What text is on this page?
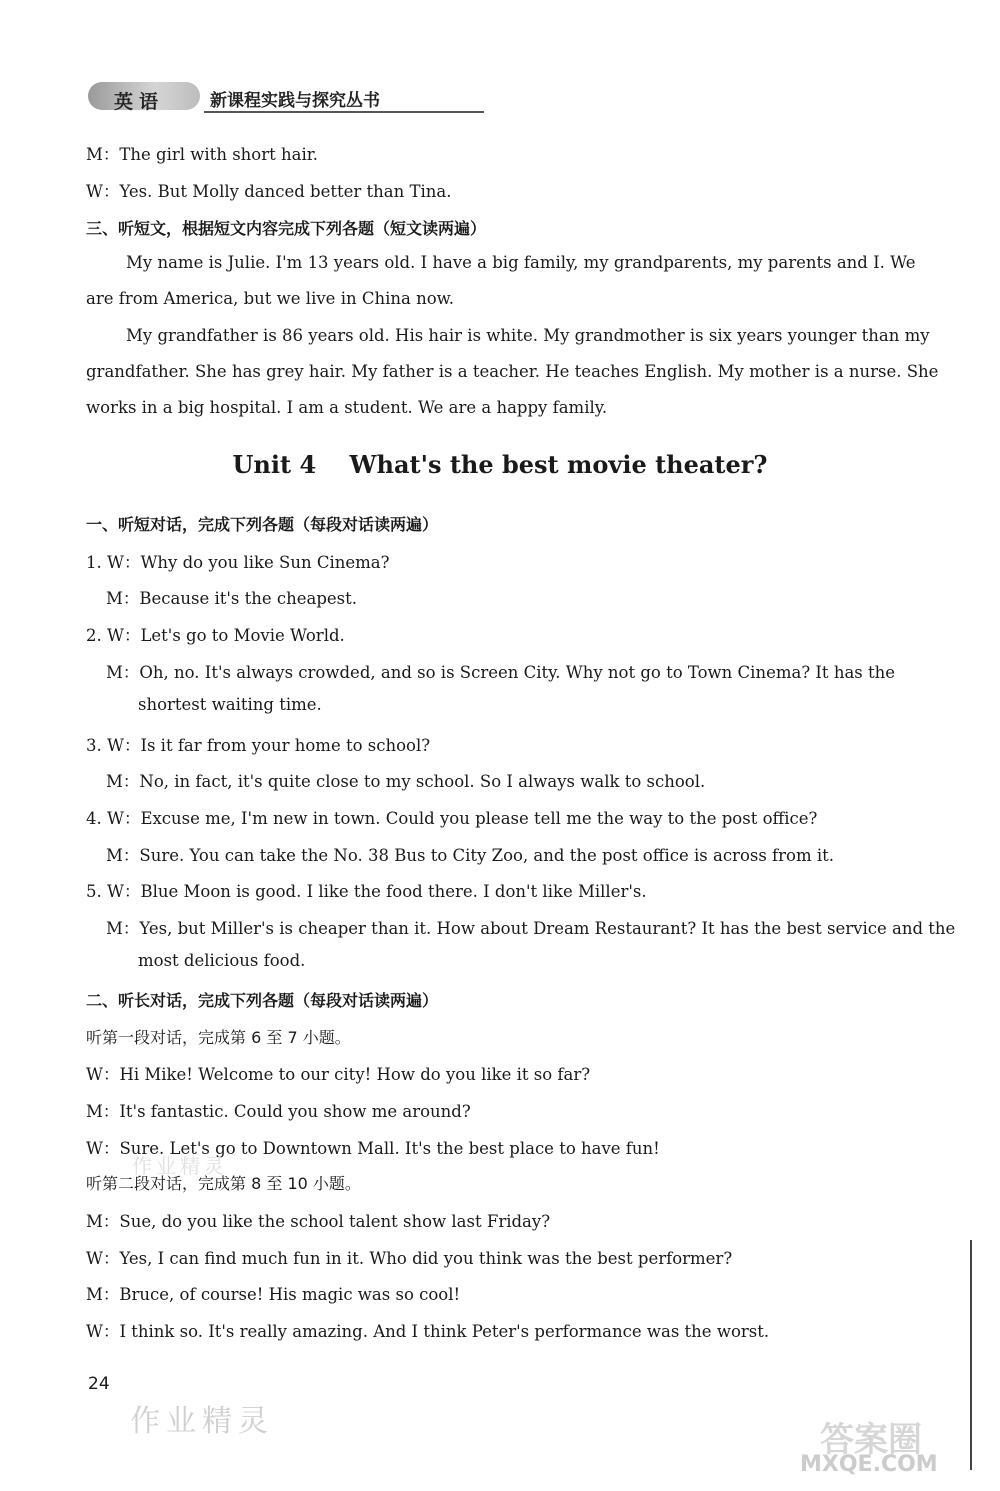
英语	新课程实践与探究丛书
M：The girl with short hair.
W：Yes. But Molly danced better than Tina.
三、听短文，根据短文内容完成下列各题（短文读两遍）
My name is Julie. I'm 13 years old. I have a big family, my grandparents, my parents and I. We
are from America, but we live in China now.
My grandfather is 86 years old. His hair is white. My grandmother is six years younger than my
grandfather. She has grey hair. My father is a teacher. He teaches English. My mother is a nurse. She
works in a big hospital. I am a student. We are a happy family.
Unit 4    What's the best movie theater?
一、听短对话，完成下列各题（每段对话读两遍）
1. W：Why do you like Sun Cinema?
M：Because it's the cheapest.
2. W：Let's go to Movie World.
M：Oh, no. It's always crowded, and so is Screen City. Why not go to Town Cinema? It has the
shortest waiting time.
3. W：Is it far from your home to school?
M：No, in fact, it's quite close to my school. So I always walk to school.
4. W：Excuse me, I'm new in town. Could you please tell me the way to the post office?
M：Sure. You can take the No. 38 Bus to City Zoo, and the post office is across from it.
5. W：Blue Moon is good. I like the food there. I don't like Miller's.
M：Yes, but Miller's is cheaper than it. How about Dream Restaurant? It has the best service and the
most delicious food.
二、听长对话，完成下列各题（每段对话读两遍）
听第一段对话，完成第 6 至 7 小题。
W：Hi Mike! Welcome to our city! How do you like it so far?
M：It's fantastic. Could you show me around?
W：Sure. Let's go to Downtown Mall. It's the best place to have fun!
听第二段对话，完成第 8 至 10 小题。
M：Sue, do you like the school talent show last Friday?
W：Yes, I can find much fun in it. Who did you think was the best performer?
M：Bruce, of course! His magic was so cool!
W：I think so. It's really amazing. And I think Peter's performance was the worst.
24
作业精灵
作业精灵	答案圈
MXQE.COM
